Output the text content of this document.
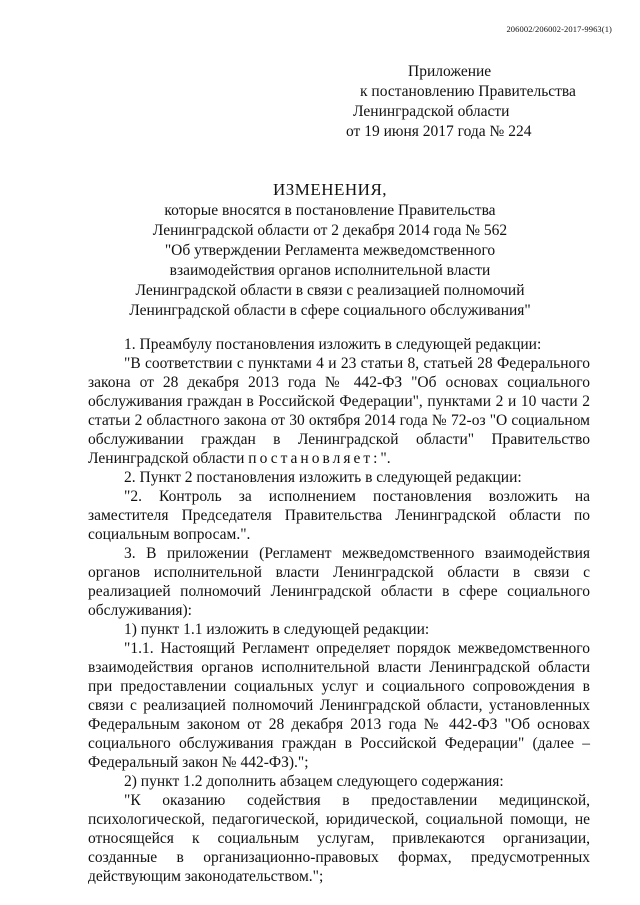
206002/206002-2017-9963(1)
Приложение
к постановлению Правительства
Ленинградской области
от 19 июня 2017 года № 224
ИЗМЕНЕНИЯ,
которые вносятся в постановление Правительства
Ленинградской области от 2 декабря 2014 года № 562
"Об утверждении Регламента межведомственного
взаимодействия органов исполнительной власти
Ленинградской области в связи с реализацией полномочий
Ленинградской области в сфере социального обслуживания"

1. Преамбулу постановления изложить в следующей редакции:

"В соответствии с пунктами 4 и 23 статьи 8, статьей 28 Федерального закона от 28 декабря 2013 года № 442-ФЗ "Об основах социального обслуживания граждан в Российской Федерации", пунктами 2 и 10 части 2 статьи 2 областного закона от 30 октября 2014 года № 72-оз "О социальном обслуживании граждан в Ленинградской области" Правительство Ленинградской области постановляет:".

2. Пункт 2 постановления изложить в следующей редакции:

"2. Контроль за исполнением постановления возложить на заместителя Председателя Правительства Ленинградской области по социальным вопросам.".

3. В приложении (Регламент межведомственного взаимодействия органов исполнительной власти Ленинградской области в связи с реализацией полномочий Ленинградской области в сфере социального обслуживания):

1) пункт 1.1 изложить в следующей редакции:

"1.1. Настоящий Регламент определяет порядок межведомственного взаимодействия органов исполнительной власти Ленинградской области при предоставлении социальных услуг и социального сопровождения в связи с реализацией полномочий Ленинградской области, установленных Федеральным законом от 28 декабря 2013 года № 442-ФЗ "Об основах социального обслуживания граждан в Российской Федерации" (далее – Федеральный закон № 442-ФЗ).";

2) пункт 1.2 дополнить абзацем следующего содержания:

"К оказанию содействия в предоставлении медицинской, психологической, педагогической, юридической, социальной помощи, не относящейся к социальным услугам, привлекаются организации, созданные в организационно-правовых формах, предусмотренных действующим законодательством.";
